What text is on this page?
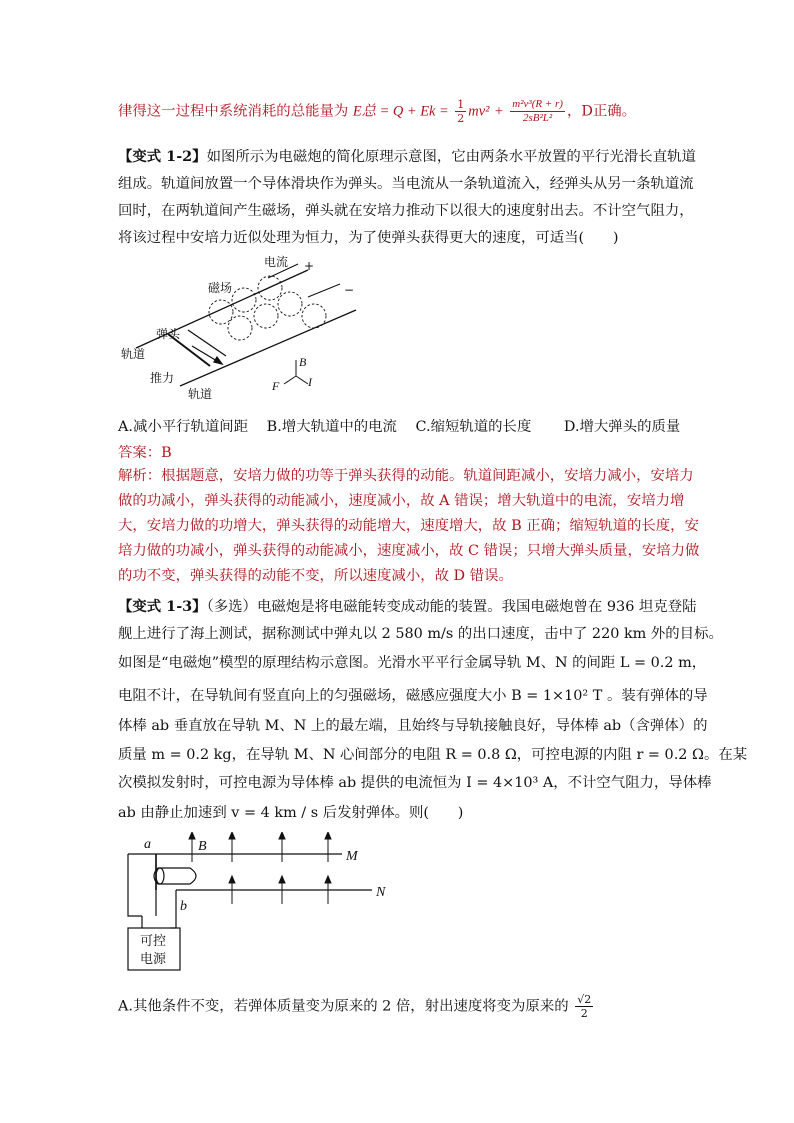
律得这一过程中系统消耗的总能量为 E总 = $Q + Ek = \frac{1}{2} mv^2 + \frac{\text{m²v³(R + r)}}{\text{2sB²L²}}$ ，D正确。
【变式 1-2】如图所示为电磁炮的简化原理示意图，它由两条水平放置的平行光滑长直轨道
组成。轨道间放置一个导体滑块作为弹头。当电流从一条轨道流入，经弹头从另一条轨道流
回时，在两轨道间产生磁场，弹头就在安培力推动下以很大的速度射出去。不计空气阻力，
将该过程中安培力近似处理为恒力，为了使弹头获得更大的速度，可适当(　　)
电流 +
−
磁场
弹头
轨道
推力
轨道
B
F I
A.减小平行轨道间距 B.增大轨道中的电流 C.缩短轨道的长度 D.增大弹头的质量
答案：B
解析：根据题意，安培力做的功等于弹头获得的动能。轨道间距减小，安培力减小，安培力
做的功减小，弹头获得的动能减小，速度减小，故 A 错误；增大轨道中的电流，安培力增
大，安培力做的功增大，弹头获得的动能增大，速度增大，故 B 正确；缩短轨道的长度，安
培力做的功减小，弹头获得的动能减小，速度减小，故 C 错误；只增大弹头质量，安培力做
的功不变，弹头获得的动能不变，所以速度减小，故 D 错误。
【变式 1-3】（多选）电磁炮是将电磁能转变成动能的装置。我国电磁炮曾在 936 坦克登陆
舰上进行了海上测试，据称测试中弹丸以 2 580 m/s 的出口速度，击中了 220 km 外的目标。
如图是“电磁炮”模型的原理结构示意图。光滑水平平行金属导轨 M、N 的间距 L = 0.2 m，
电阻不计，在导轨间有竖直向上的匀强磁场，磁感应强度大小 B = 1×10² T 。装有弹体的导
体棒 ab 垂直放在导轨 M、N 上的最左端，且始终与导轨接触良好，导体棒 ab（含弹体）的
质量 m = 0.2 kg，在导轨 M、N 心间部分的电阻 R = 0.8 Ω，可控电源的内阻 r = 0.2 Ω。在某
次模拟发射时，可控电源为导体棒 ab 提供的电流恒为 I = 4×10³ A，不计空气阻力，导体棒
ab 由静止加速到 v = 4 km / s 后发射弹体。则(　　)
a	B
M
N
b
可控
电源
A.其他条件不变，若弹体质量变为原来的 2 倍，射出速度将变为原来的 $\frac{√2}{2}$
